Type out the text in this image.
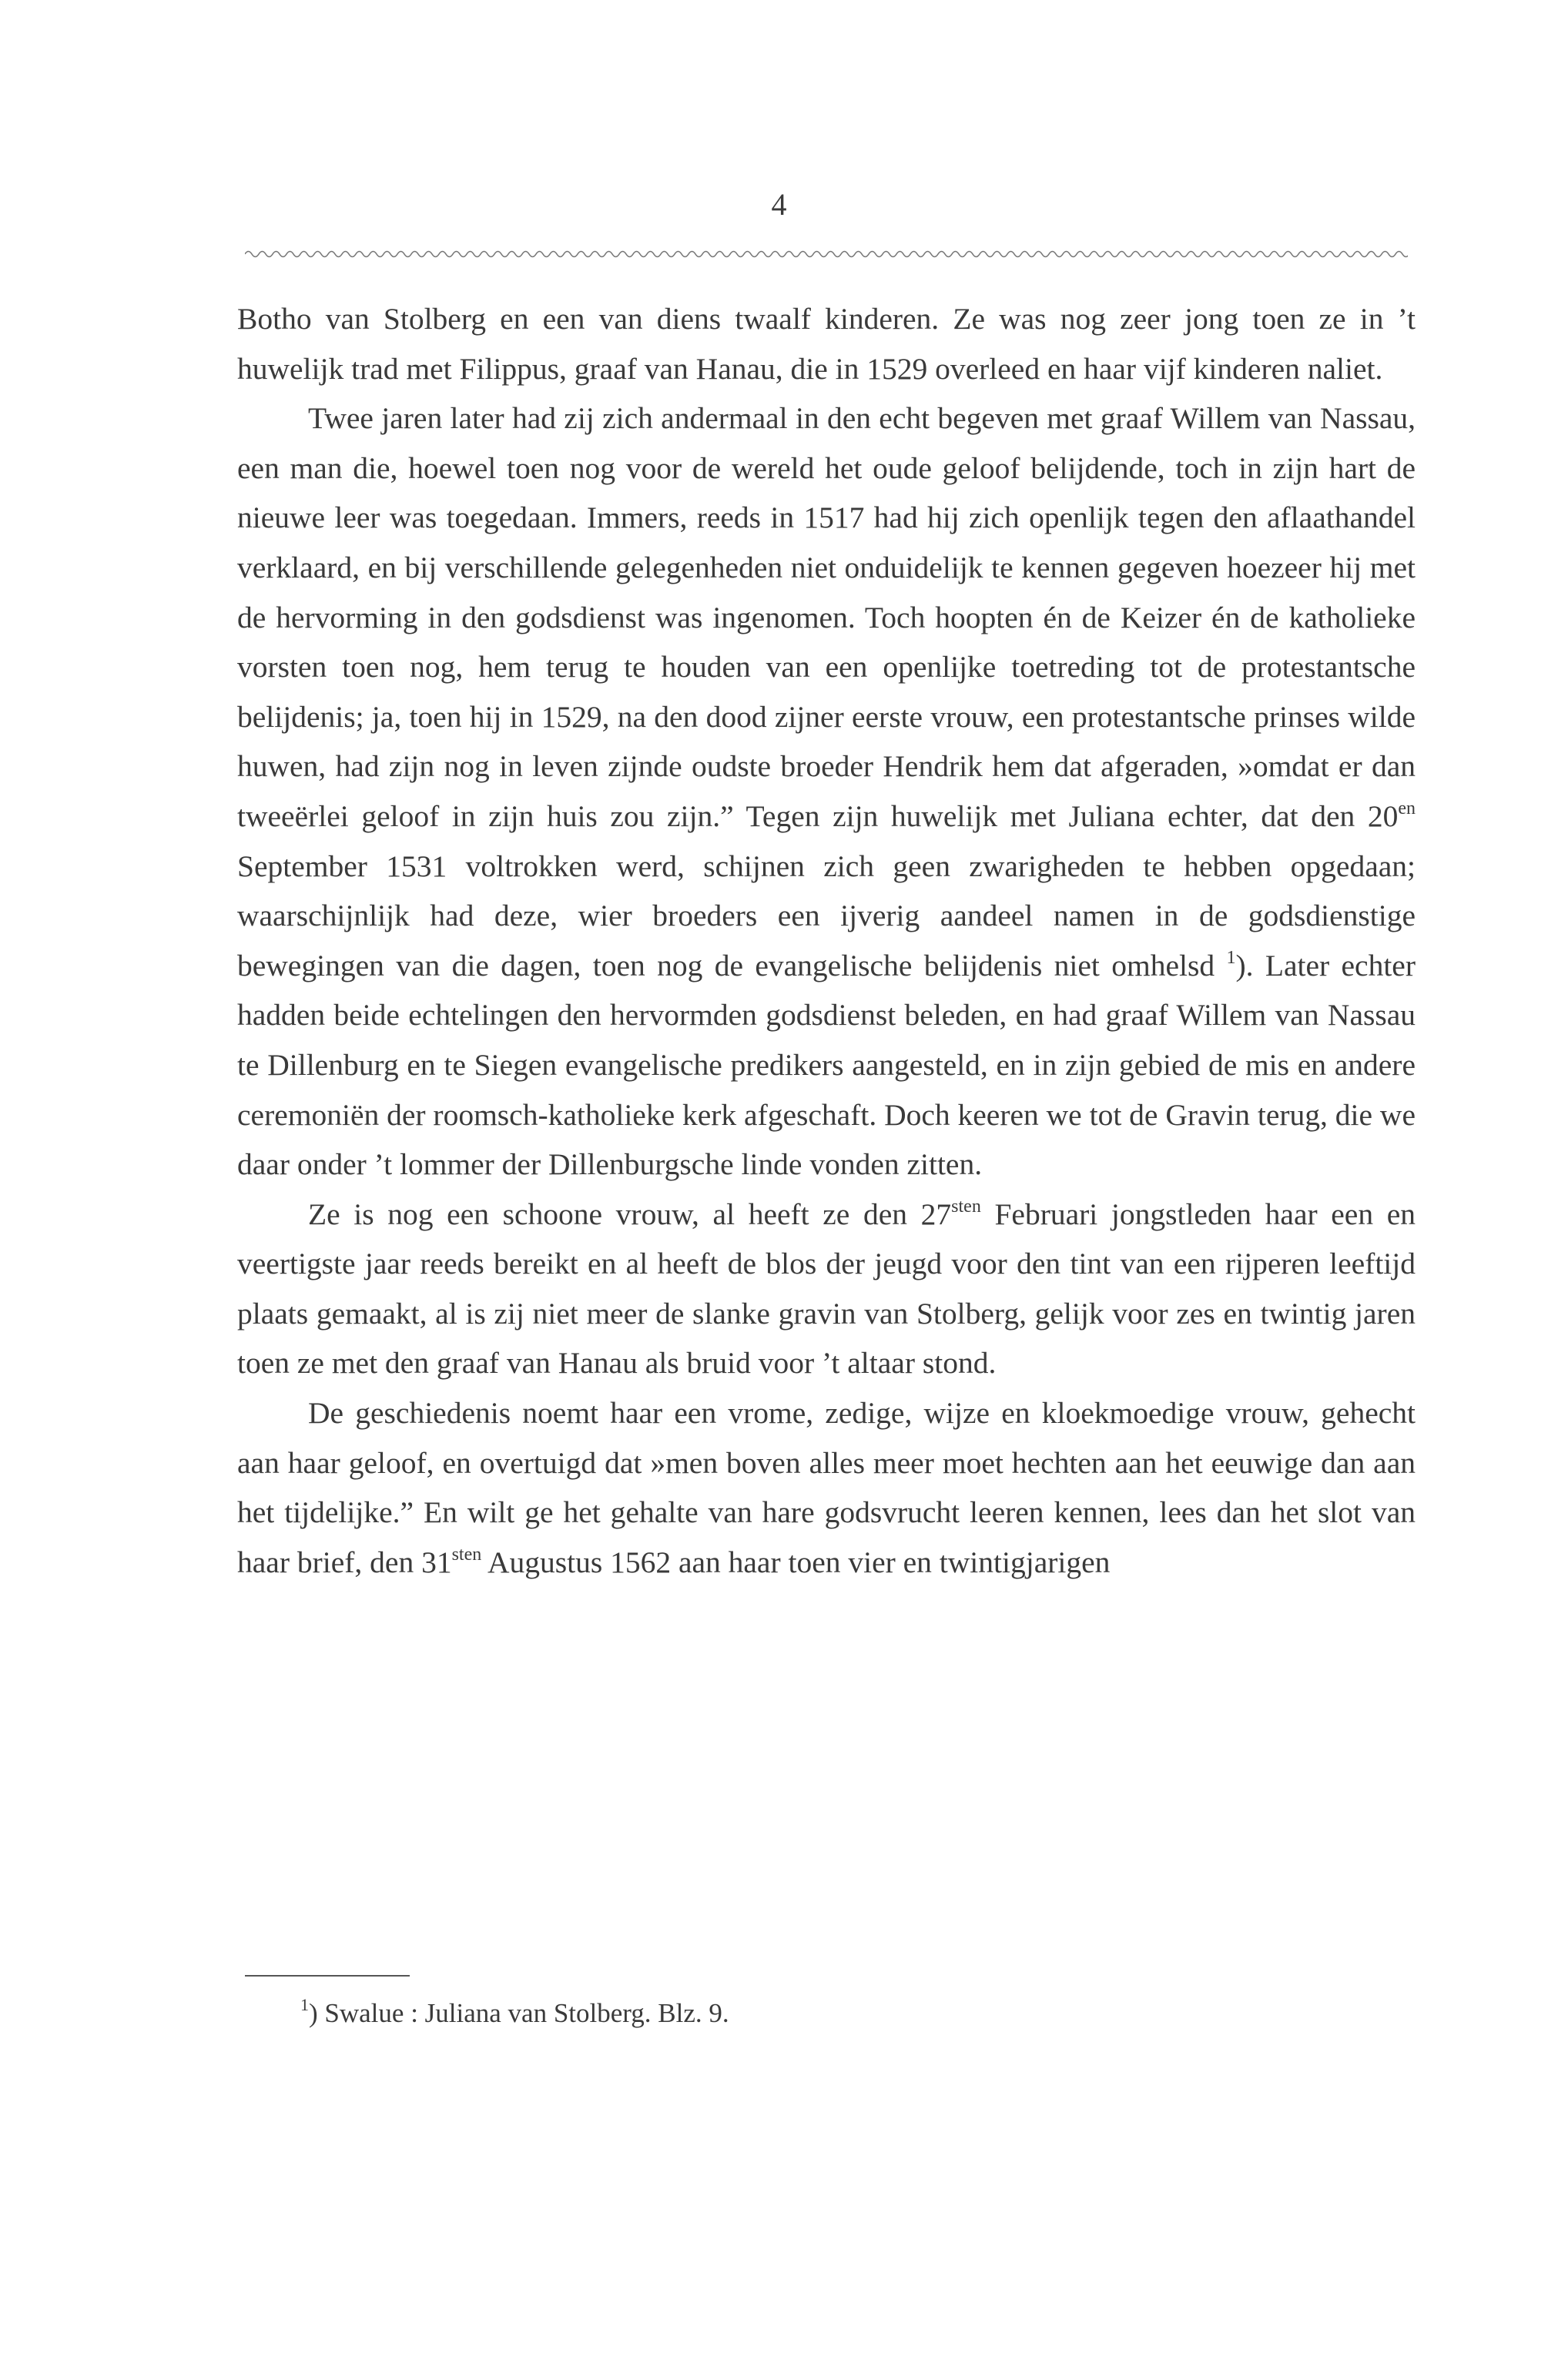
4

Botho van Stolberg en een van diens twaalf kinderen. Ze was nog zeer jong toen ze in ’t huwelijk trad met Filippus, graaf van Hanau, die in 1529 overleed en haar vijf kinderen naliet.

Twee jaren later had zij zich andermaal in den echt begeven met graaf Willem van Nassau, een man die, hoewel toen nog voor de wereld het oude geloof belijdende, toch in zijn hart de nieuwe leer was toegedaan. Immers, reeds in 1517 had hij zich openlijk tegen den aflaathandel verklaard, en bij verschillende gelegenheden niet onduidelijk te kennen gegeven hoezeer hij met de hervorming in den godsdienst was ingenomen. Toch hoopten én de Keizer én de katholieke vorsten toen nog, hem terug te houden van een openlijke toetreding tot de protestantsche belijdenis; ja, toen hij in 1529, na den dood zijner eerste vrouw, een protestantsche prinses wilde huwen, had zijn nog in leven zijnde oudste broeder Hendrik hem dat afgeraden, »omdat er dan tweeërlei geloof in zijn huis zou zijn.” Tegen zijn huwelijk met Juliana echter, dat den $20^{en}$ September 1531 voltrokken werd, schijnen zich geen zwarigheden te hebben opgedaan; waarschijnlijk had deze, wier broeders een ijverig aandeel namen in de godsdienstige bewegingen van die dagen, toen nog de evangelische belijdenis niet omhelsd $^1$). Later echter hadden beide echtelingen den hervormden godsdienst beleden, en had graaf Willem van Nassau te Dillenburg en te Siegen evangelische predikers aangesteld, en in zijn gebied de mis en andere ceremoniën der roomsch-katholieke kerk afgeschaft. Doch keeren we tot de Gravin terug, die we daar onder ’t lommer der Dillenburgsche linde vonden zitten.

Ze is nog een schoone vrouw, al heeft ze den $27^{sten}$ Februari jongstleden haar een en veertigste jaar reeds bereikt en al heeft de blos der jeugd voor den tint van een rijperen leeftijd plaats gemaakt, al is zij niet meer de slanke gravin van Stolberg, gelijk voor zes en twintig jaren toen ze met den graaf van Hanau als bruid voor ’t altaar stond.

De geschiedenis noemt haar een vrome, zedige, wijze en kloekmoedige vrouw, gehecht aan haar geloof, en overtuigd dat »men boven alles meer moet hechten aan het eeuwige dan aan het tijdelijke.” En wilt ge het gehalte van hare godsvrucht leeren kennen, lees dan het slot van haar brief, den $31^{sten}$ Augustus 1562 aan haar toen vier en twintigjarigen

$^1$) Swalue : Juliana van Stolberg. Blz. 9.
